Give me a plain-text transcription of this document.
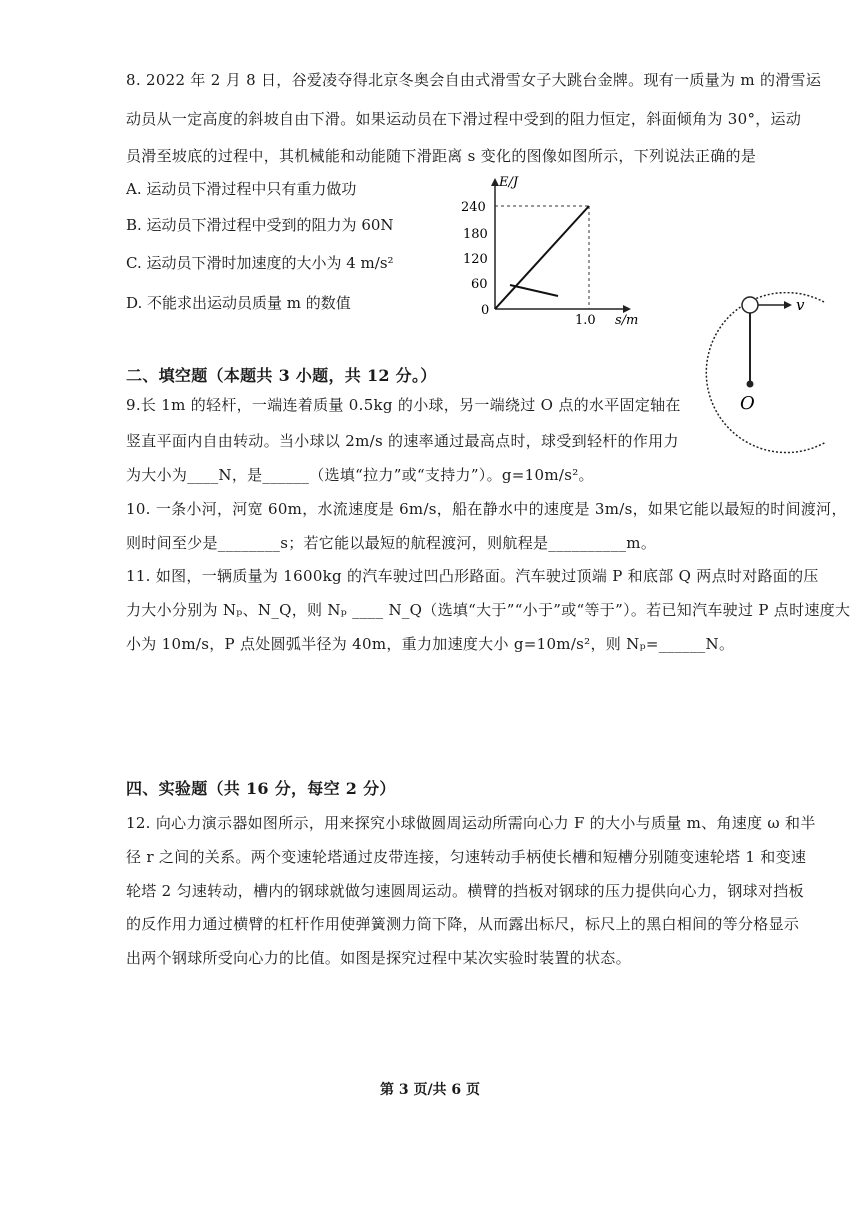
8. 2022 年 2 月 8 日，谷爱凌夺得北京冬奥会自由式滑雪女子大跳台金牌。现有一质量为 m 的滑雪运
动员从一定高度的斜坡自由下滑。如果运动员在下滑过程中受到的阻力恒定，斜面倾角为 30°，运动
员滑至坡底的过程中，其机械能和动能随下滑距离 s 变化的图像如图所示，下列说法正确的是
A. 运动员下滑过程中只有重力做功
B. 运动员下滑过程中受到的阻力为 60N
C. 运动员下滑时加速度的大小为 4 m/s²
D. 不能求出运动员质量 m 的数值
E/J
240
180
120
60
0
1.0 s/m
v
O
二、填空题（本题共 3 小题，共 12 分。）
9.长 1m 的轻杆，一端连着质量 0.5kg 的小球，另一端绕过 O 点的水平固定轴在
竖直平面内自由转动。当小球以 2m/s 的速率通过最高点时，球受到轻杆的作用力
为大小为____N，是______（选填“拉力”或“支持力”）。g=10m/s²。
10. 一条小河，河宽 60m，水流速度是 6m/s，船在静水中的速度是 3m/s，如果它能以最短的时间渡河，
则时间至少是________s；若它能以最短的航程渡河，则航程是__________m。
11. 如图，一辆质量为 1600kg 的汽车驶过凹凸形路面。汽车驶过顶端 P 和底部 Q 两点时对路面的压
力大小分别为 Nₚ、N_Q，则 Nₚ ____ N_Q（选填“大于”“小于”或“等于”）。若已知汽车驶过 P 点时速度大
小为 10m/s，P 点处圆弧半径为 40m，重力加速度大小 g=10m/s²，则 Nₚ=______N。
四、实验题（共 16 分，每空 2 分）
12. 向心力演示器如图所示，用来探究小球做圆周运动所需向心力 F 的大小与质量 m、角速度 ω 和半
径 r 之间的关系。两个变速轮塔通过皮带连接，匀速转动手柄使长槽和短槽分别随变速轮塔 1 和变速
轮塔 2 匀速转动，槽内的钢球就做匀速圆周运动。横臂的挡板对钢球的压力提供向心力，钢球对挡板
的反作用力通过横臂的杠杆作用使弹簧测力筒下降，从而露出标尺，标尺上的黑白相间的等分格显示
出两个钢球所受向心力的比值。如图是探究过程中某次实验时装置的状态。
第 3 页/共 6 页
